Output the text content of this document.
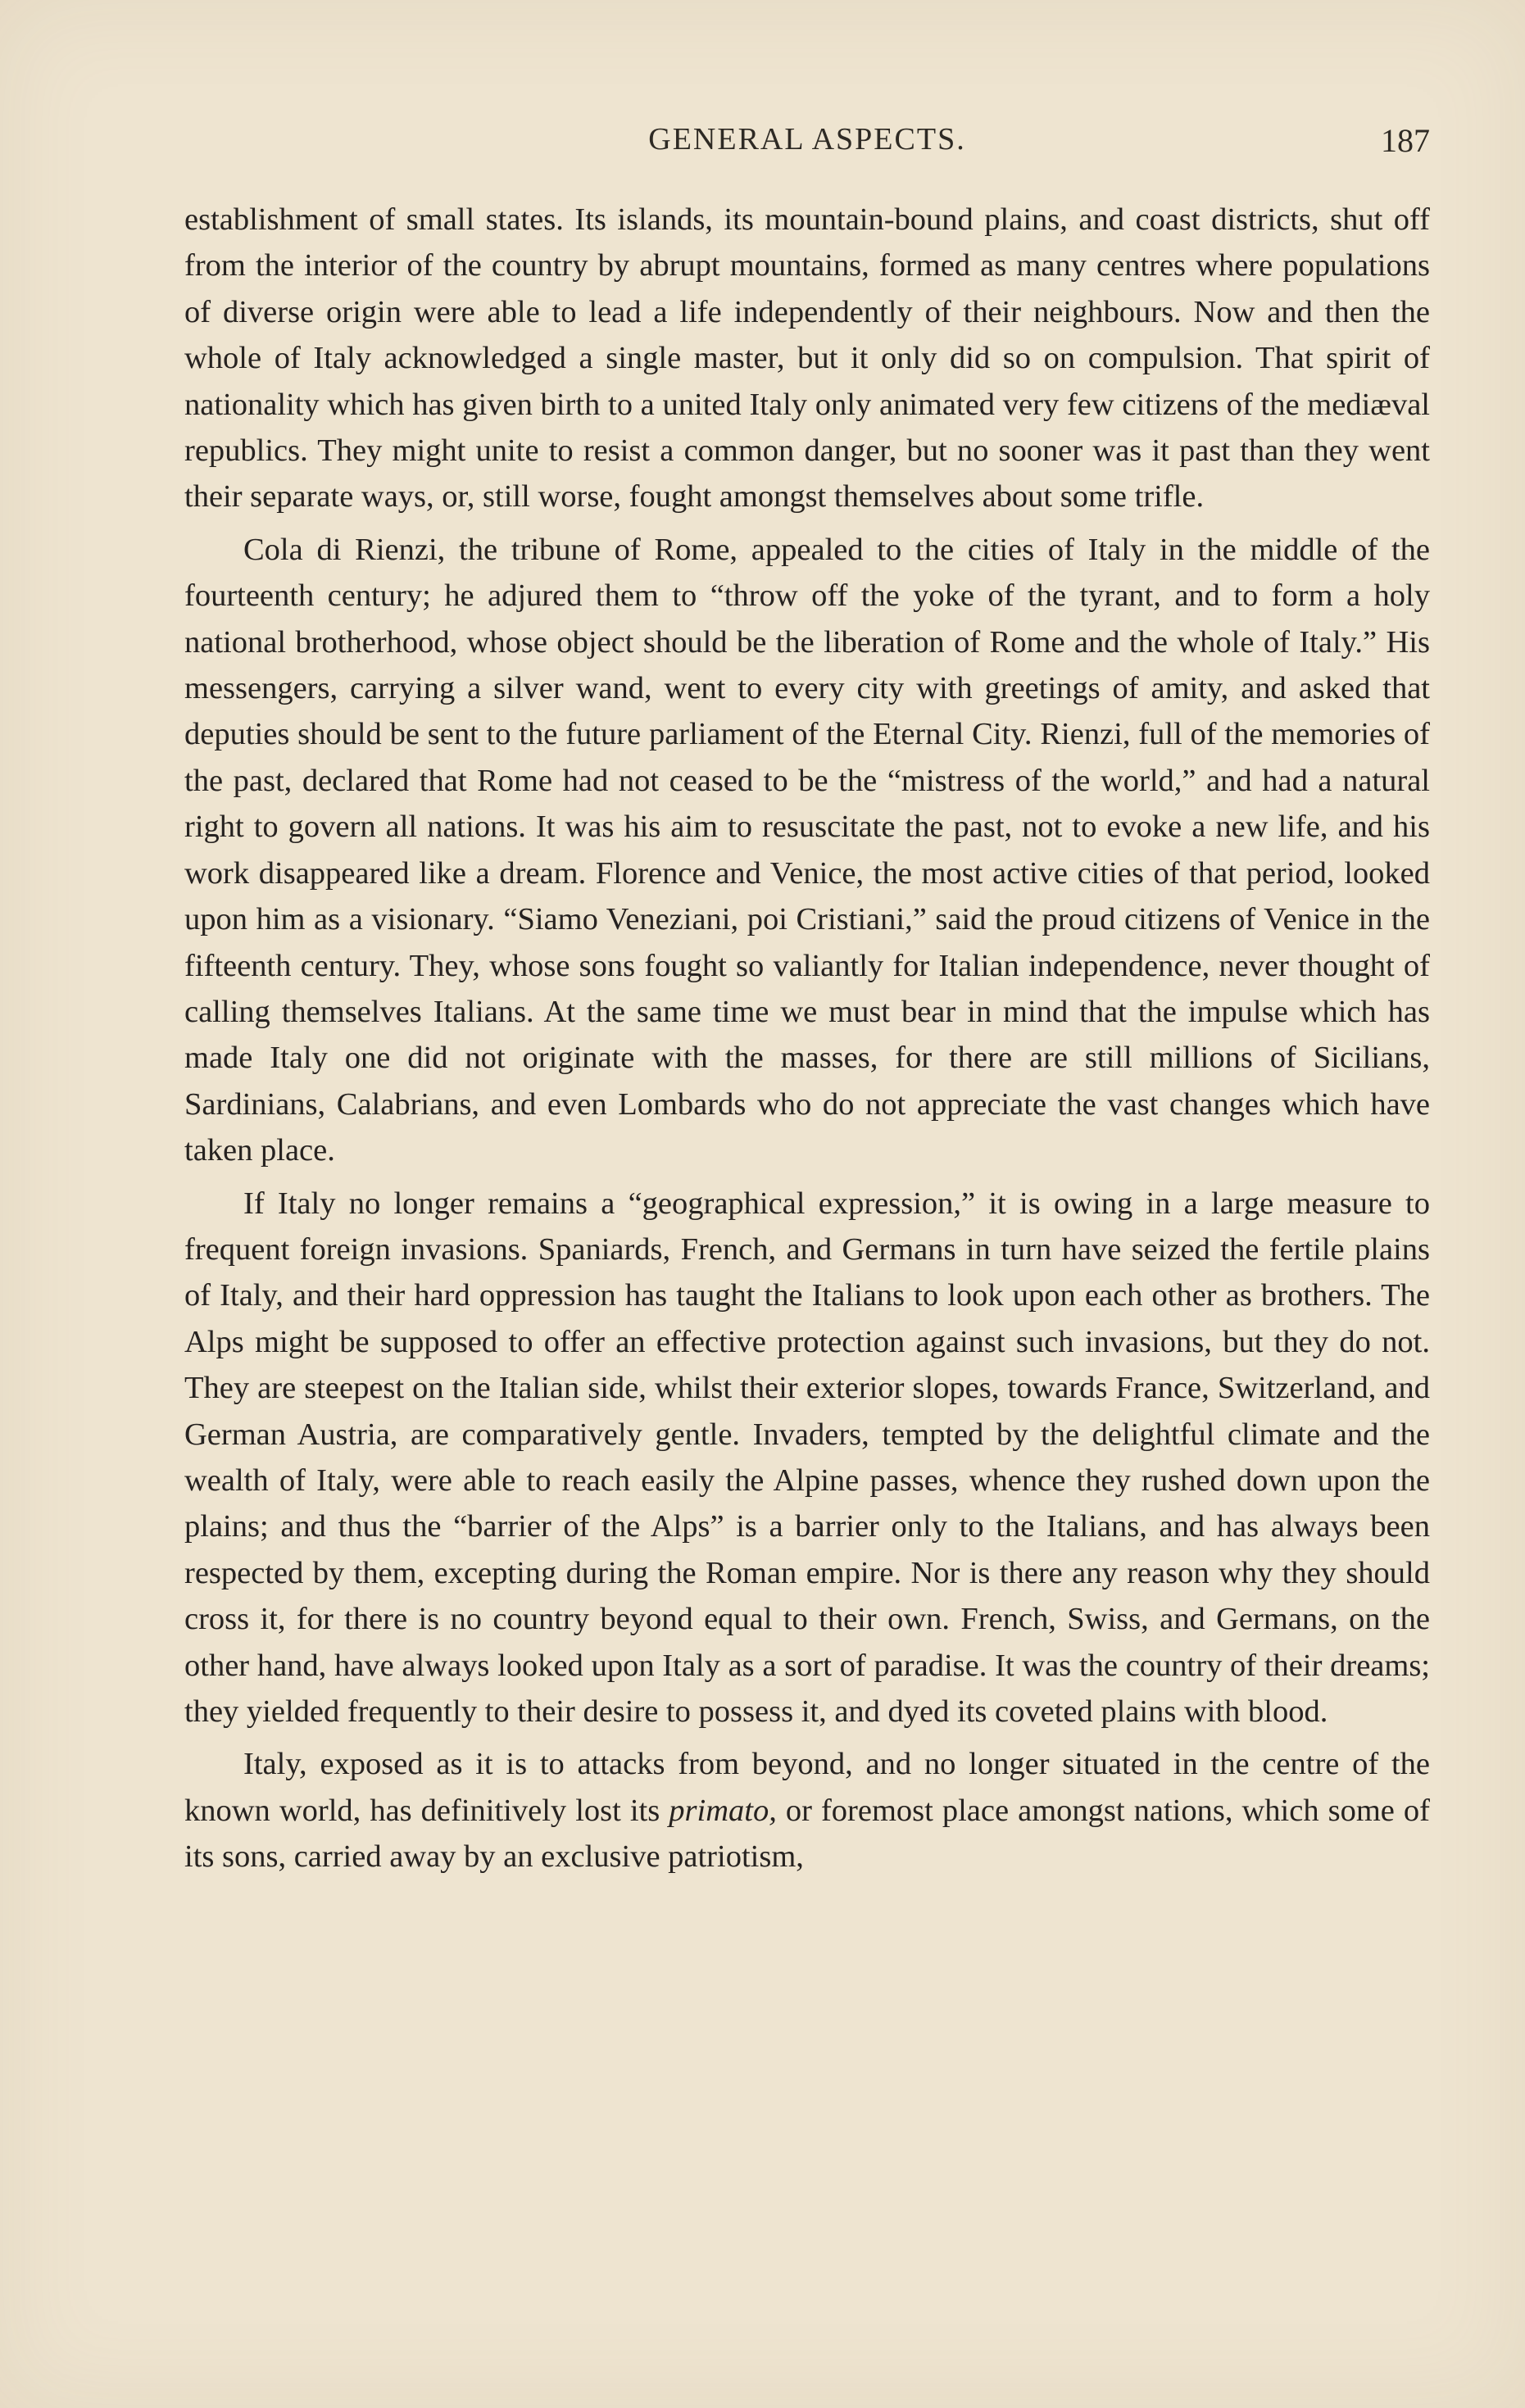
GENERAL ASPECTS.	187

establishment of small states. Its islands, its mountain-bound plains, and coast districts, shut off from the interior of the country by abrupt mountains, formed as many centres where populations of diverse origin were able to lead a life independently of their neighbours. Now and then the whole of Italy acknowledged a single master, but it only did so on compulsion. That spirit of nationality which has given birth to a united Italy only animated very few citizens of the mediæval republics. They might unite to resist a common danger, but no sooner was it past than they went their separate ways, or, still worse, fought amongst themselves about some trifle.

Cola di Rienzi, the tribune of Rome, appealed to the cities of Italy in the middle of the fourteenth century; he adjured them to “throw off the yoke of the tyrant, and to form a holy national brotherhood, whose object should be the liberation of Rome and the whole of Italy.” His messengers, carrying a silver wand, went to every city with greetings of amity, and asked that deputies should be sent to the future parliament of the Eternal City. Rienzi, full of the memories of the past, declared that Rome had not ceased to be the “mistress of the world,” and had a natural right to govern all nations. It was his aim to resuscitate the past, not to evoke a new life, and his work disappeared like a dream. Florence and Venice, the most active cities of that period, looked upon him as a visionary. “Siamo Veneziani, poi Cristiani,” said the proud citizens of Venice in the fifteenth century. They, whose sons fought so valiantly for Italian independence, never thought of calling themselves Italians. At the same time we must bear in mind that the impulse which has made Italy one did not originate with the masses, for there are still millions of Sicilians, Sardinians, Calabrians, and even Lombards who do not appreciate the vast changes which have taken place.

If Italy no longer remains a “geographical expression,” it is owing in a large measure to frequent foreign invasions. Spaniards, French, and Germans in turn have seized the fertile plains of Italy, and their hard oppression has taught the Italians to look upon each other as brothers. The Alps might be supposed to offer an effective protection against such invasions, but they do not. They are steepest on the Italian side, whilst their exterior slopes, towards France, Switzerland, and German Austria, are comparatively gentle. Invaders, tempted by the delightful climate and the wealth of Italy, were able to reach easily the Alpine passes, whence they rushed down upon the plains; and thus the “barrier of the Alps” is a barrier only to the Italians, and has always been respected by them, excepting during the Roman empire. Nor is there any reason why they should cross it, for there is no country beyond equal to their own. French, Swiss, and Germans, on the other hand, have always looked upon Italy as a sort of paradise. It was the country of their dreams; they yielded frequently to their desire to possess it, and dyed its coveted plains with blood.

Italy, exposed as it is to attacks from beyond, and no longer situated in the centre of the known world, has definitively lost its primato, or foremost place amongst nations, which some of its sons, carried away by an exclusive patriotism,
